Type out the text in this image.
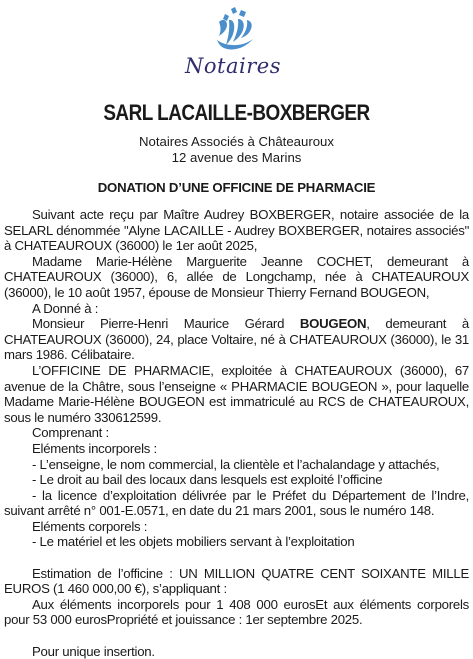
Notaires
SARL LACAILLE-BOXBERGER
Notaires Associés à Châteauroux
12 avenue des Marins
DONATION D’UNE OFFICINE DE PHARMACIE

Suivant acte reçu par Maître Audrey BOXBERGER, notaire associée de la SELARL dénommée "Alyne LACAILLE - Audrey BOXBERGER, notaires associés" à CHATEAUROUX (36000) le 1er août 2025,

Madame Marie-Hélène Marguerite Jeanne COCHET, demeurant à CHATEAUROUX (36000), 6, allée de Longchamp, née à CHATEAUROUX (36000), le 10 août 1957, épouse de Monsieur Thierry Fernand BOUGEON,

A Donné à :

Monsieur Pierre-Henri Maurice Gérard BOUGEON, demeurant à CHATEAUROUX (36000), 24, place Voltaire, né à CHATEAUROUX (36000), le 31 mars 1986. Célibataire.

L’OFFICINE DE PHARMACIE, exploitée à CHATEAUROUX (36000), 67 avenue de la Châtre, sous l’enseigne « PHARMACIE BOUGEON », pour laquelle Madame Marie-Hélène BOUGEON est immatriculé au RCS de CHATEAUROUX, sous le numéro 330612599.

Comprenant :

Eléments incorporels :

- L’enseigne, le nom commercial, la clientèle et l’achalandage y attachés,

- Le droit au bail des locaux dans lesquels est exploité l’officine

- la licence d’exploitation délivrée par le Préfet du Département de l’Indre, suivant arrêté n° 001-E.0571, en date du 21 mars 2001, sous le numéro 148.

Eléments corporels :

- Le matériel et les objets mobiliers servant à l’exploitation

Estimation de l’officine : UN MILLION QUATRE CENT SOIXANTE MILLE EUROS (1 460 000,00 €), s’appliquant :

Aux éléments incorporels pour 1 408 000 eurosEt aux éléments corporels pour 53 000 eurosPropriété et jouissance : 1er septembre 2025.

Pour unique insertion.
